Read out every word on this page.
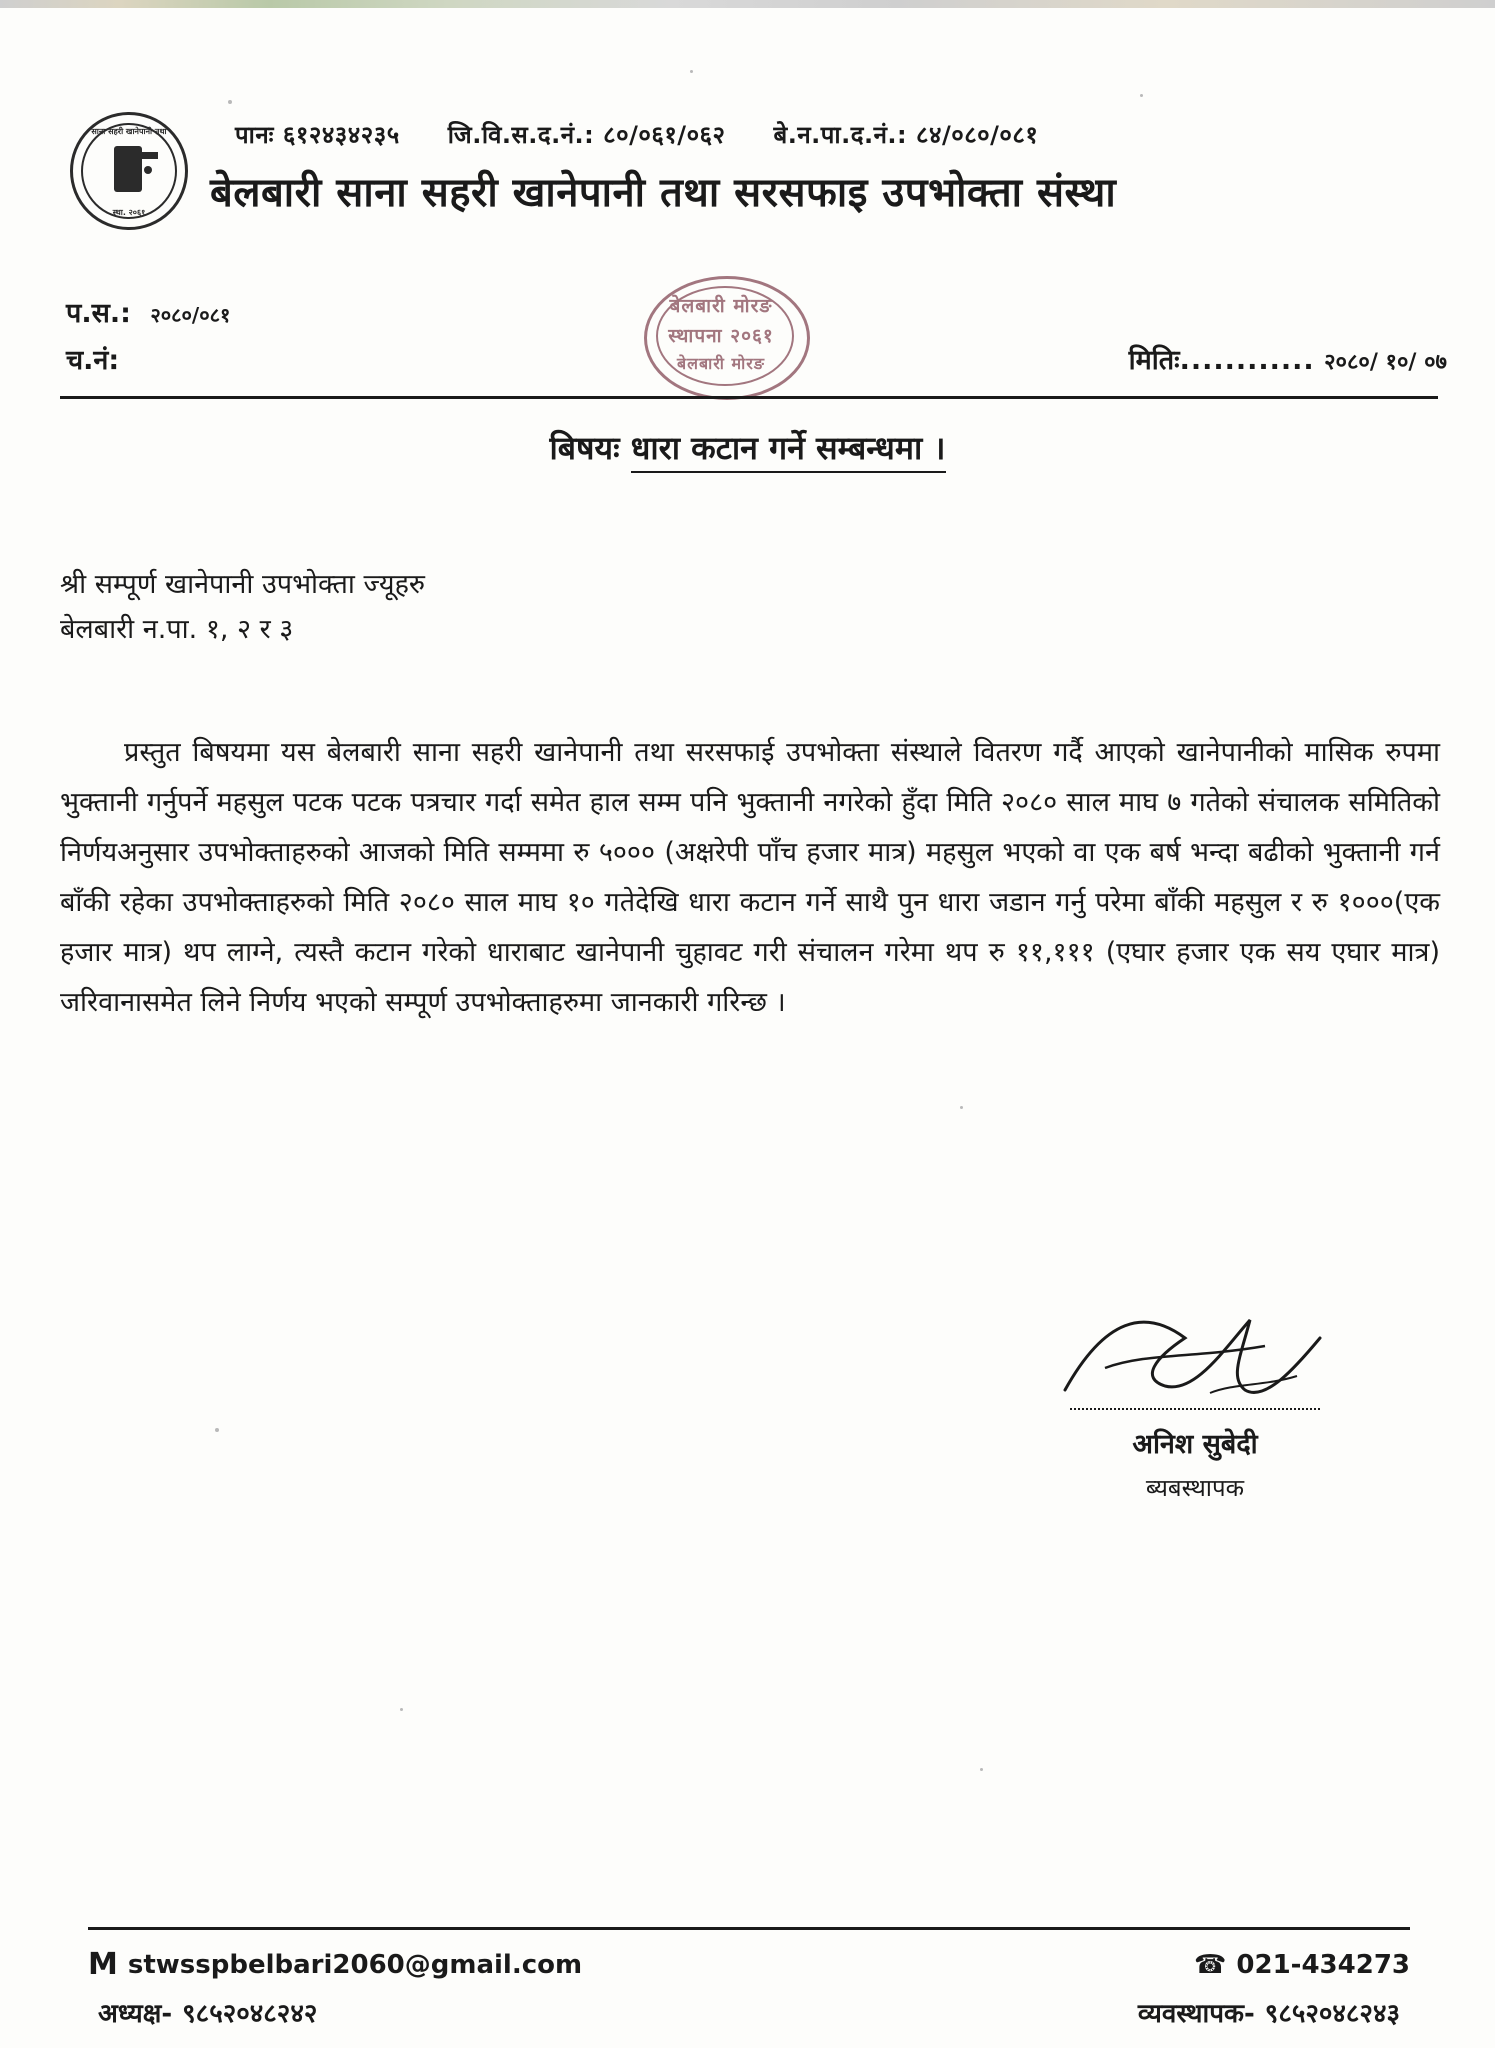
साना सहरी खानेपानी तथा
स्था. २०६१
पानः ६१२४३४२३५ जि.वि.स.द.नं.: ८०/०६१/०६२ बे.न.पा.द.नं.: ८४/०८०/०८१
बेलबारी साना सहरी खानेपानी तथा सरसफाइ उपभोक्ता संस्था
प.स.: २०८०/०८१
च.नं:	मितिः............ २०८०/ १०/ ०७
बेलबारी मोरङ
स्थापना २०६१
बेलबारी मोरङ
बिषयः धारा कटान गर्ने सम्बन्धमा ।
श्री सम्पूर्ण खानेपानी उपभोक्ता ज्यूहरु
बेलबारी न.पा. १, २ र ३

प्रस्तुत बिषयमा यस बेलबारी साना सहरी खानेपानी तथा सरसफाई उपभोक्ता संस्थाले वितरण गर्दै आएको खानेपानीको मासिक रुपमा भुक्तानी गर्नुपर्ने महसुल पटक पटक पत्रचार गर्दा समेत हाल सम्म पनि भुक्तानी नगरेको हुँदा मिति २०८० साल माघ ७ गतेको संचालक समितिको निर्णयअनुसार उपभोक्ताहरुको आजको मिति सम्ममा रु ५००० (अक्षरेपी पाँच हजार मात्र) महसुल भएको वा एक बर्ष भन्दा बढीको भुक्तानी गर्न बाँकी रहेका उपभोक्ताहरुको मिति २०८० साल माघ १० गतेदेखि धारा कटान गर्ने साथै पुन धारा जडान गर्नु परेमा बाँकी महसुल र रु १०००(एक हजार मात्र) थप लाग्ने, त्यस्तै कटान गरेको धाराबाट खानेपानी चुहावट गरी संचालन गरेमा थप रु ११,१११ (एघार हजार एक सय एघार मात्र) जरिवानासमेत लिने निर्णय भएको सम्पूर्ण उपभोक्ताहरुमा जानकारी गरिन्छ ।

अनिश सुबेदी
ब्यबस्थापक
M stwsspbelbari2060@gmail.com	☎ 021-434273
अध्यक्ष- ९८५२०४८२४२	व्यवस्थापक- ९८५२०४८२४३
